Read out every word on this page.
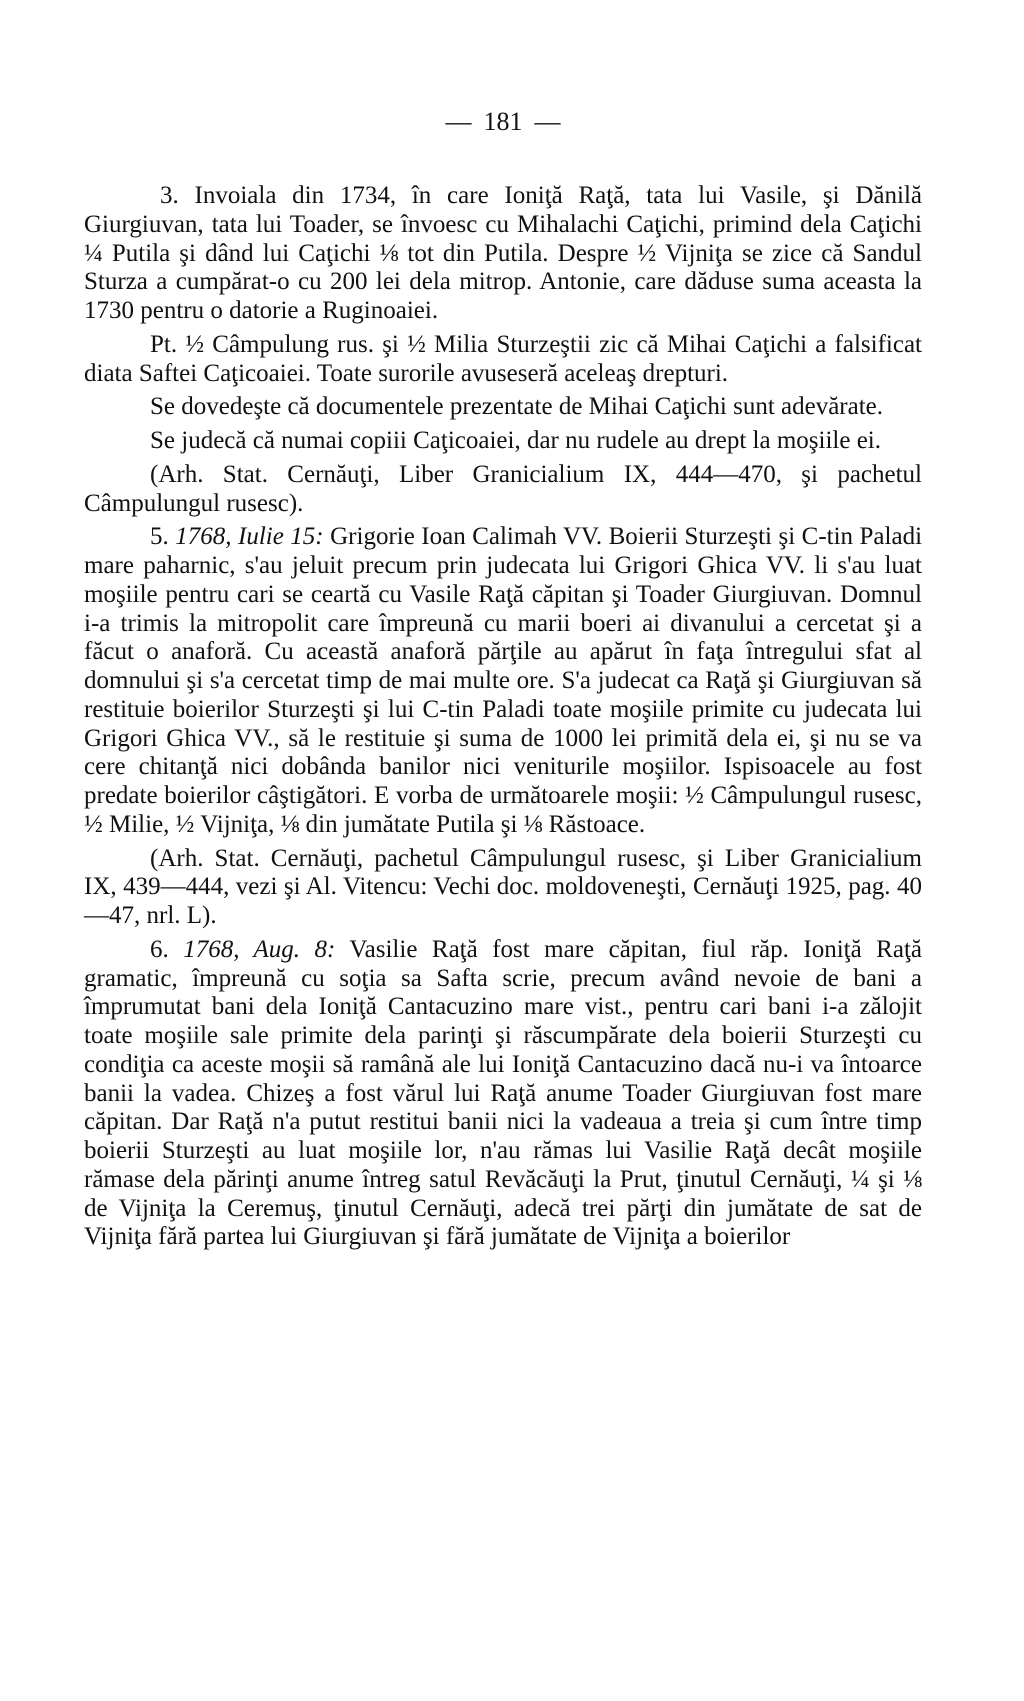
— 181 —

3. Invoiala din 1734, în care Ioniţă Raţă, tata lui Vasile, şi Dănilă Giurgiuvan, tata lui Toader, se învoesc cu Mihalachi Caţichi, primind dela Caţichi ¼ Putila şi dând lui Caţichi ⅛ tot din Putila. Despre ½ Vijniţa se zice că Sandul Sturza a cumpărat-o cu 200 lei dela mitrop. Antonie, care dăduse suma aceasta la 1730 pentru o datorie a Ruginoaiei.

Pt. ½ Câmpulung rus. şi ½ Milia Sturzeştii zic că Mihai Caţichi a falsificat diata Saftei Caţicoaiei. Toate surorile avuseseră aceleaş drepturi.

Se dovedeşte că documentele prezentate de Mihai Caţichi sunt adevărate.

Se judecă că numai copiii Caţicoaiei, dar nu rudele au drept la moşiile ei.

(Arh. Stat. Cernăuţi, Liber Granicialium IX, 444—470, şi pachetul Câmpulungul rusesc).

5. 1768, Iulie 15: Grigorie Ioan Calimah VV. Boierii Sturzeşti şi C-tin Paladi mare paharnic, s'au jeluit precum prin judecata lui Grigori Ghica VV. li s'au luat moşiile pentru cari se ceartă cu Vasile Raţă căpitan şi Toader Giurgiuvan. Domnul i-a trimis la mitropolit care împreună cu marii boeri ai divanului a cercetat şi a făcut o anaforă. Cu această anaforă părţile au apărut în faţa întregului sfat al domnului şi s'a cercetat timp de mai multe ore. S'a judecat ca Raţă şi Giurgiuvan să restituie boierilor Sturzeşti şi lui C-tin Paladi toate moşiile primite cu judecata lui Grigori Ghica VV., să le restituie şi suma de 1000 lei primită dela ei, şi nu se va cere chitanţă nici dobânda banilor nici veniturile moşiilor. Ispisoacele au fost predate boierilor câştigători. E vorba de următoarele moşii: ½ Câmpulungul rusesc, ½ Milie, ½ Vijniţa, ⅛ din jumătate Putila şi ⅛ Răstoace.

(Arh. Stat. Cernăuţi, pachetul Câmpulungul rusesc, şi Liber Granicialium IX, 439—444, vezi şi Al. Vitencu: Vechi doc. moldoveneşti, Cernăuţi 1925, pag. 40—47, nrl. L).

6. 1768, Aug. 8: Vasilie Raţă fost mare căpitan, fiul răp. Ioniţă Raţă gramatic, împreună cu soţia sa Safta scrie, precum având nevoie de bani a împrumutat bani dela Ioniţă Cantacuzino mare vist., pentru cari bani i-a zălojit toate moşiile sale primite dela parinţi şi răscumpărate dela boierii Sturzeşti cu condiţia ca aceste moşii să ramână ale lui Ioniţă Cantacuzino dacă nu-i va întoarce banii la vadea. Chizeş a fost vărul lui Raţă anume Toader Giurgiuvan fost mare căpitan. Dar Raţă n'a putut restitui banii nici la vadeaua a treia şi cum între timp boierii Sturzeşti au luat moşiile lor, n'au rămas lui Vasilie Raţă decât moşiile rămase dela părinţi anume întreg satul Revăcăuţi la Prut, ţinutul Cernăuţi, ¼ şi ⅛ de Vijniţa la Ceremuş, ţinutul Cernăuţi, adecă trei părţi din jumătate de sat de Vijniţa fără partea lui Giurgiuvan şi fără jumătate de Vijniţa a boierilor
